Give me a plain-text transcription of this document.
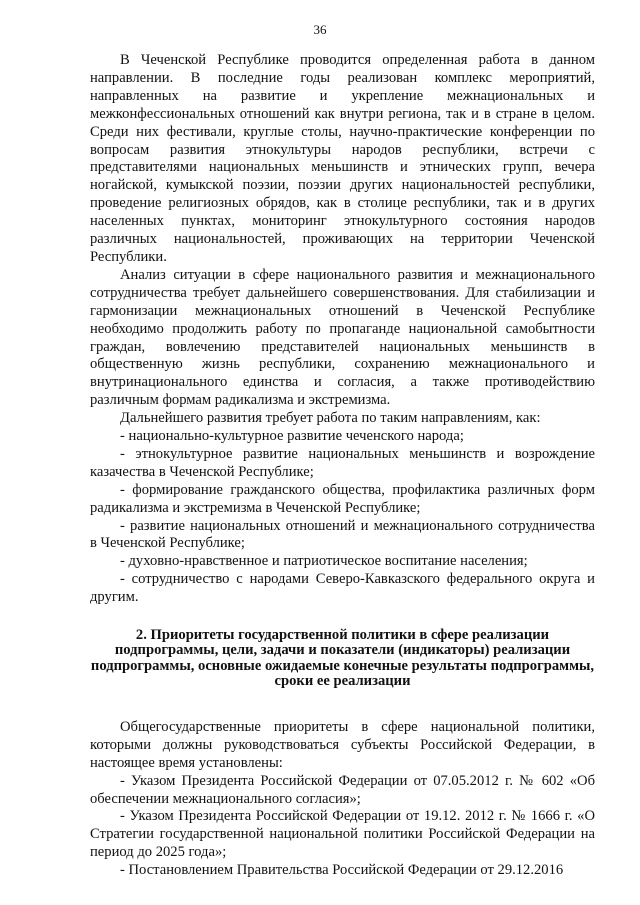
36

В Чеченской Республике проводится определенная работа в данном направлении. В последние годы реализован комплекс мероприятий, направленных на развитие и укрепление межнациональных и межконфессиональных отношений как внутри региона, так и в стране в целом. Среди них фестивали, круглые столы, научно-практические конференции по вопросам развития этнокультуры народов республики, встречи с представителями национальных меньшинств и этнических групп, вечера ногайской, кумыкской поэзии, поэзии других национальностей республики, проведение религиозных обрядов, как в столице республики, так и в других населенных пунктах, мониторинг этнокультурного состояния народов различных национальностей, проживающих на территории Чеченской Республики.

Анализ ситуации в сфере национального развития и межнационального сотрудничества требует дальнейшего совершенствования. Для стабилизации и гармонизации межнациональных отношений в Чеченской Республике необходимо продолжить работу по пропаганде национальной самобытности граждан, вовлечению представителей национальных меньшинств в общественную жизнь республики, сохранению межнационального и внутринационального единства и согласия, а также противодействию различным формам радикализма и экстремизма.

Дальнейшего развития требует работа по таким направлениям, как:

- национально-культурное развитие чеченского народа;

- этнокультурное развитие национальных меньшинств и возрождение казачества в Чеченской Республике;

- формирование гражданского общества, профилактика различных форм радикализма и экстремизма в Чеченской Республике;

- развитие национальных отношений и межнационального сотрудничества в Чеченской Республике;

- духовно-нравственное и патриотическое воспитание населения;

- сотрудничество с народами Северо-Кавказского федерального округа и другим.

2. Приоритеты государственной политики в сфере реализации подпрограммы, цели, задачи и показатели (индикаторы) реализации подпрограммы, основные ожидаемые конечные результаты подпрограммы, сроки ее реализации

Общегосударственные приоритеты в сфере национальной политики, которыми должны руководствоваться субъекты Российской Федерации, в настоящее время установлены:

- Указом Президента Российской Федерации от 07.05.2012 г. № 602 «Об обеспечении межнационального согласия»;

- Указом Президента Российской Федерации от 19.12. 2012 г. № 1666 г. «О Стратегии государственной национальной политики Российской Федерации на период до 2025 года»;

- Постановлением Правительства Российской Федерации от 29.12.2016
